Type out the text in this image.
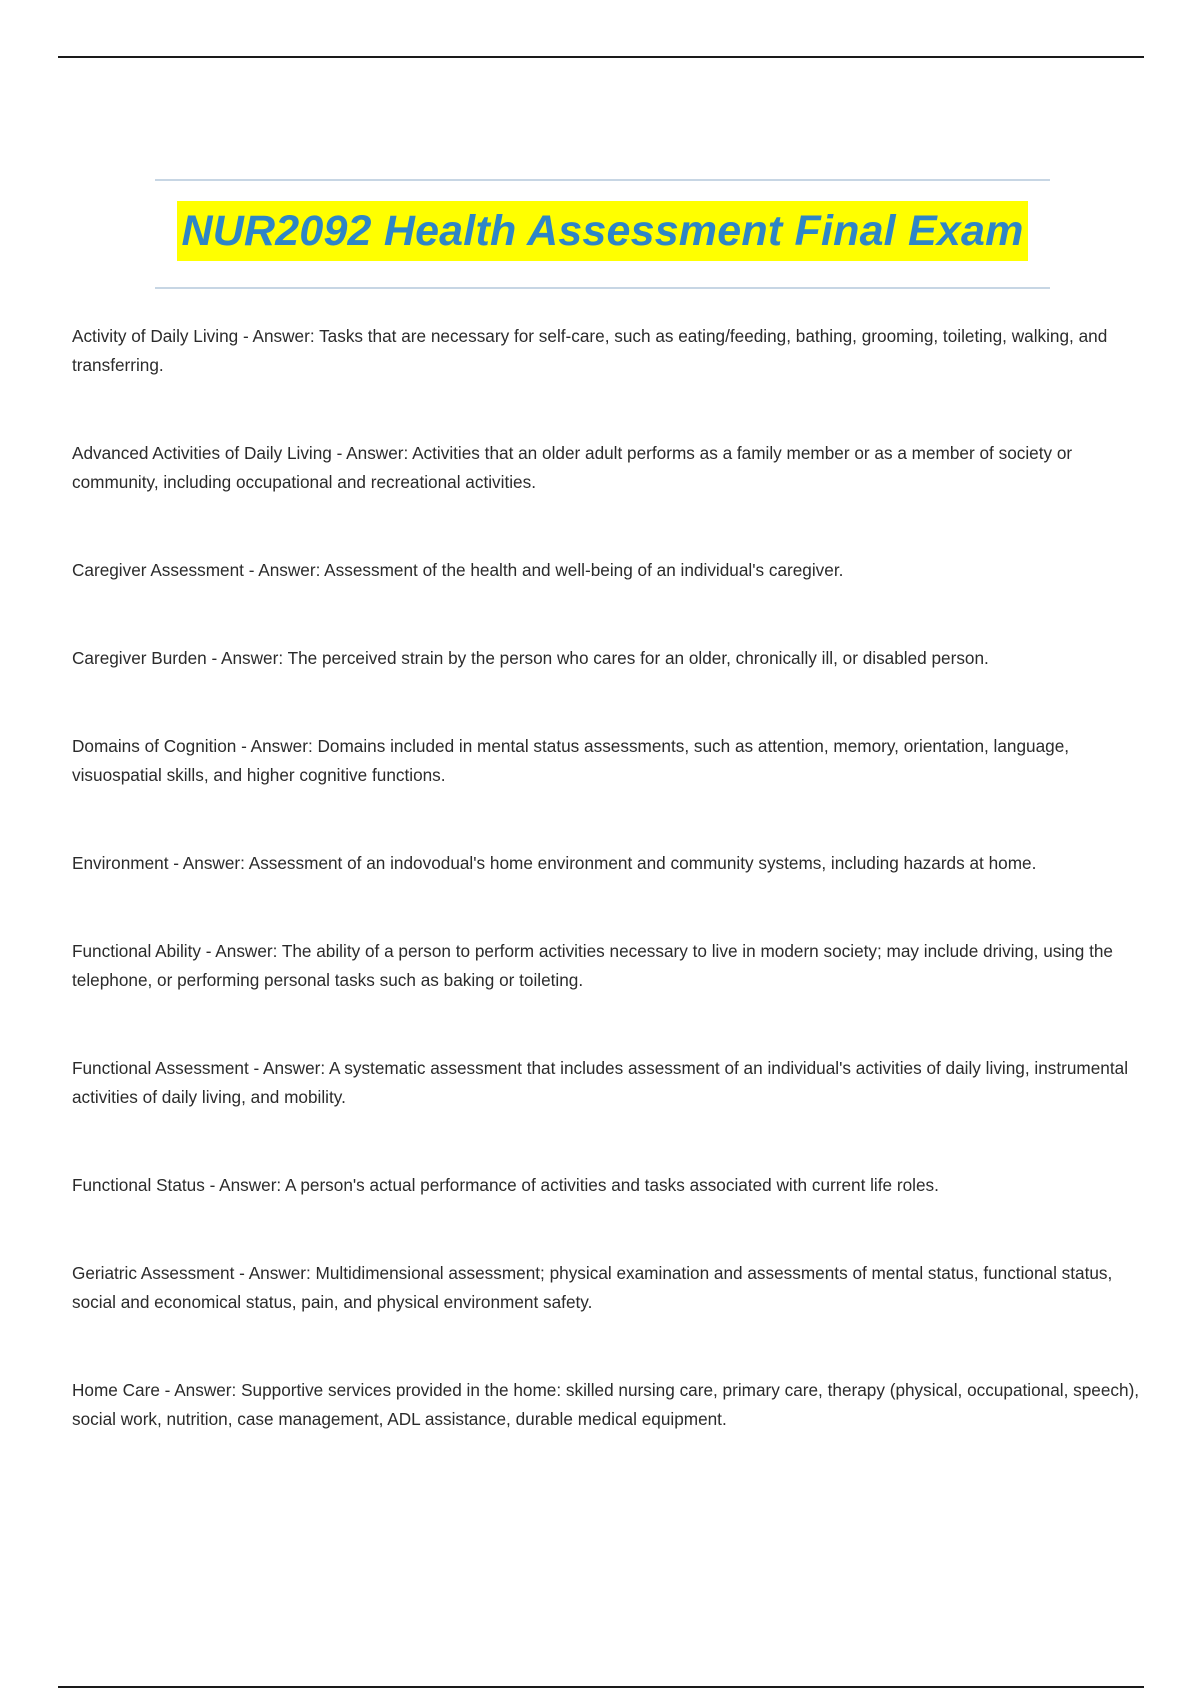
NUR2092 Health Assessment Final Exam

Activity of Daily Living - Answer: Tasks that are necessary for self-care, such as eating/feeding, bathing, grooming, toileting, walking, and transferring.

Advanced Activities of Daily Living - Answer: Activities that an older adult performs as a family member or as a member of society or community, including occupational and recreational activities.

Caregiver Assessment - Answer: Assessment of the health and well-being of an individual's caregiver.

Caregiver Burden - Answer: The perceived strain by the person who cares for an older, chronically ill, or disabled person.

Domains of Cognition - Answer: Domains included in mental status assessments, such as attention, memory, orientation, language, visuospatial skills, and higher cognitive functions.

Environment - Answer: Assessment of an indovodual's home environment and community systems, including hazards at home.

Functional Ability - Answer: The ability of a person to perform activities necessary to live in modern society; may include driving, using the telephone, or performing personal tasks such as baking or toileting.

Functional Assessment - Answer: A systematic assessment that includes assessment of an individual's activities of daily living, instrumental activities of daily living, and mobility.

Functional Status - Answer: A person's actual performance of activities and tasks associated with current life roles.

Geriatric Assessment - Answer: Multidimensional assessment; physical examination and assessments of mental status, functional status, social and economical status, pain, and physical environment safety.

Home Care - Answer: Supportive services provided in the home: skilled nursing care, primary care, therapy (physical, occupational, speech), social work, nutrition, case management, ADL assistance, durable medical equipment.
